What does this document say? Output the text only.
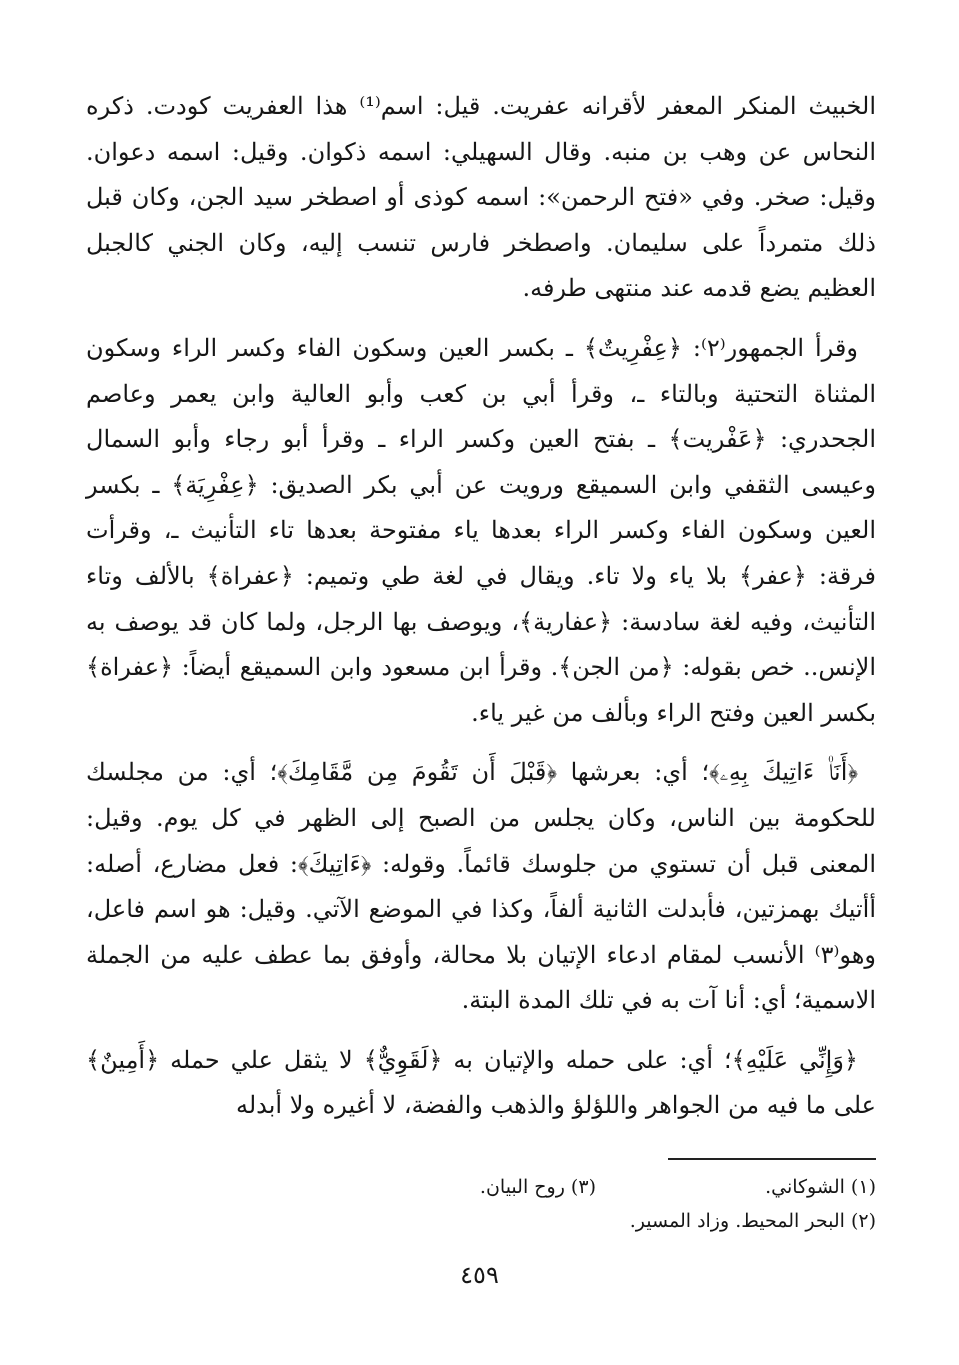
الخبيث المنكر المعفر لأقرانه عفريت. قيل: اسم⁽¹⁾ هذا العفريت كودت. ذكره النحاس عن وهب بن منبه. وقال السهيلي: اسمه ذكوان. وقيل: اسمه دعوان. وقيل: صخر. وفي «فتح الرحمن»: اسمه كوذى أو اصطخر سيد الجن، وكان قبل ذلك متمرداً على سليمان. واصطخر فارس تنسب إليه، وكان الجني كالجبل العظيم يضع قدمه عند منتهى طرفه.

وقرأ الجمهور⁽٢⁾: ﴿عِفْرِيتٌ﴾ ـ بكسر العين وسكون الفاء وكسر الراء وسكون المثناة التحتية وبالتاء ـ، وقرأ أبي بن كعب وأبو العالية وابن يعمر وعاصم الجحدري: ﴿عَفْريت﴾ ـ بفتح العين وكسر الراء ـ وقرأ أبو رجاء وأبو السمال وعيسى الثقفي وابن السميقع ورويت عن أبي بكر الصديق: ﴿عِفْرِيَة﴾ ـ بكسر العين وسكون الفاء وكسر الراء بعدها ياء مفتوحة بعدها تاء التأنيث ـ، وقرأت فرقة: ﴿عفر﴾ بلا ياء ولا تاء. ويقال في لغة طي وتميم: ﴿عفراة﴾ بالألف وتاء التأنيث، وفيه لغة سادسة: ﴿عفارية﴾، ويوصف بها الرجل، ولما كان قد يوصف به الإنس.. خص بقوله: ﴿من الجن﴾. وقرأ ابن مسعود وابن السميقع أيضاً: ﴿عفراة﴾ بكسر العين وفتح الراء وبألف من غير ياء.

﴿أَنَا۠ ءَاتِيكَ بِهِۦ﴾؛ أي: بعرشها ﴿قَبْلَ أَن تَقُومَ مِن مَّقَامِكَ﴾؛ أي: من مجلسك للحكومة بين الناس، وكان يجلس من الصبح إلى الظهر في كل يوم. وقيل: المعنى قبل أن تستوي من جلوسك قائماً. وقوله: ﴿ءَاتِيكَ﴾: فعل مضارع، أصله: أأتيك بهمزتين، فأبدلت الثانية ألفاً، وكذا في الموضع الآتي. وقيل: هو اسم فاعل، وهو⁽٣⁾ الأنسب لمقام ادعاء الإتيان بلا محالة، وأوفق بما عطف عليه من الجملة الاسمية؛ أي: أنا آت به في تلك المدة البتة.

﴿وَإِنِّي عَلَيْهِ﴾؛ أي: على حمله والإتيان به ﴿لَقَوِيٌّ﴾ لا يثقل علي حمله ﴿أَمِينٌ﴾ على ما فيه من الجواهر واللؤلؤ والذهب والفضة، لا أغيره ولا أبدله

(١) الشوكاني.
(٣) روح البيان.
(٢) البحر المحيط. وزاد المسير.
٤٥٩
